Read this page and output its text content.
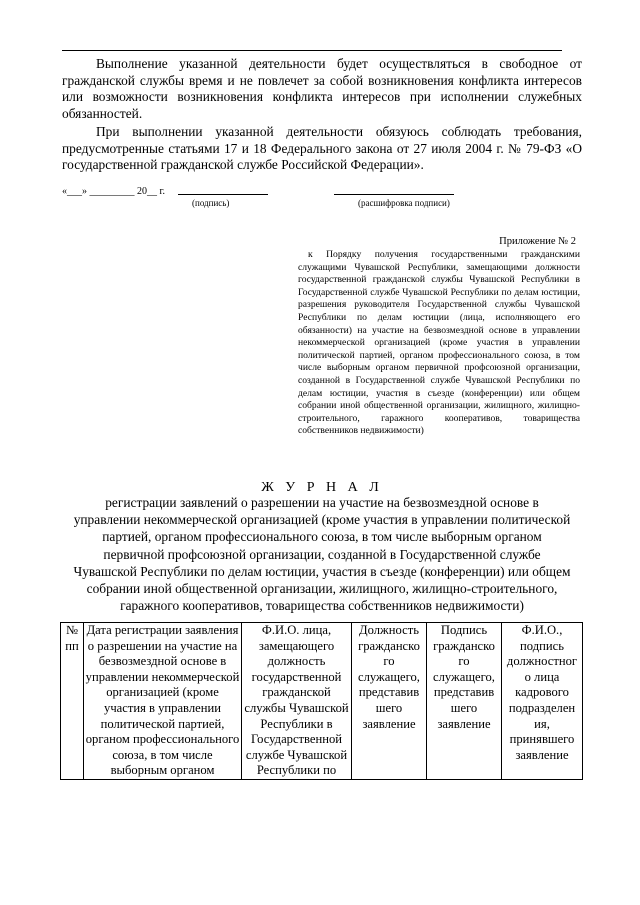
Выполнение указанной деятельности будет осуществляться в свободное от гражданской службы время и не повлечет за собой возникновения конфликта интересов или возможности возникновения конфликта интересов при исполнении служебных обязанностей.

При выполнении указанной деятельности обязуюсь соблюдать требования, предусмотренные статьями 17 и 18 Федерального закона от 27 июля 2004 г. № 79-ФЗ «О государственной гражданской службе Российской Федерации».

«___» _________ 20__ г.
(подпись)	(расшифровка подписи)
Приложение № 2

к Порядку получения государственными гражданскими служащими Чувашской Республики, замещающими должности государственной гражданской службы Чувашской Республики в Государственной службе Чувашской Республики по делам юстиции, разрешения руководителя Государственной службы Чувашской Республики по делам юстиции (лица, исполняющего его обязанности) на участие на безвозмездной основе в управлении некоммерческой организацией (кроме участия в управлении политической партией, органом профессионального союза, в том числе выборным органом первичной профсоюзной организации, созданной в Государственной службе Чувашской Республики по делам юстиции, участия в съезде (конференции) или общем собрании иной общественной организации, жилищного, жилищно-строительного, гаражного кооперативов, товарищества собственников недвижимости)

Ж У Р Н А Л

регистрации заявлений о разрешении на участие на безвозмездной основе в управлении некоммерческой организацией (кроме участия в управлении политической партией, органом профессионального союза, в том числе выборным органом первичной профсоюзной организации, созданной в Государственной службе Чувашской Республики по делам юстиции, участия в съезде (конференции) или общем собрании иной общественной организации, жилищного, жилищно-строительного, гаражного кооперативов, товарищества собственников недвижимости)

№ пп	Дата регистрации заявления о разрешении на участие на безвозмездной основе в управлении некоммерческой организацией (кроме участия в управлении политической партией, органом профессионального союза, в том числе выборным органом	Ф.И.О. лица, замещающего должность государственной гражданской службы Чувашской Республики в Государственной службе Чувашской Республики по	Должность гражданско го служащего, представив шего заявление	Подпись гражданско го служащего, представив шего заявление	Ф.И.О., подпись должностног о лица кадрового подразделен ия, принявшего заявление
